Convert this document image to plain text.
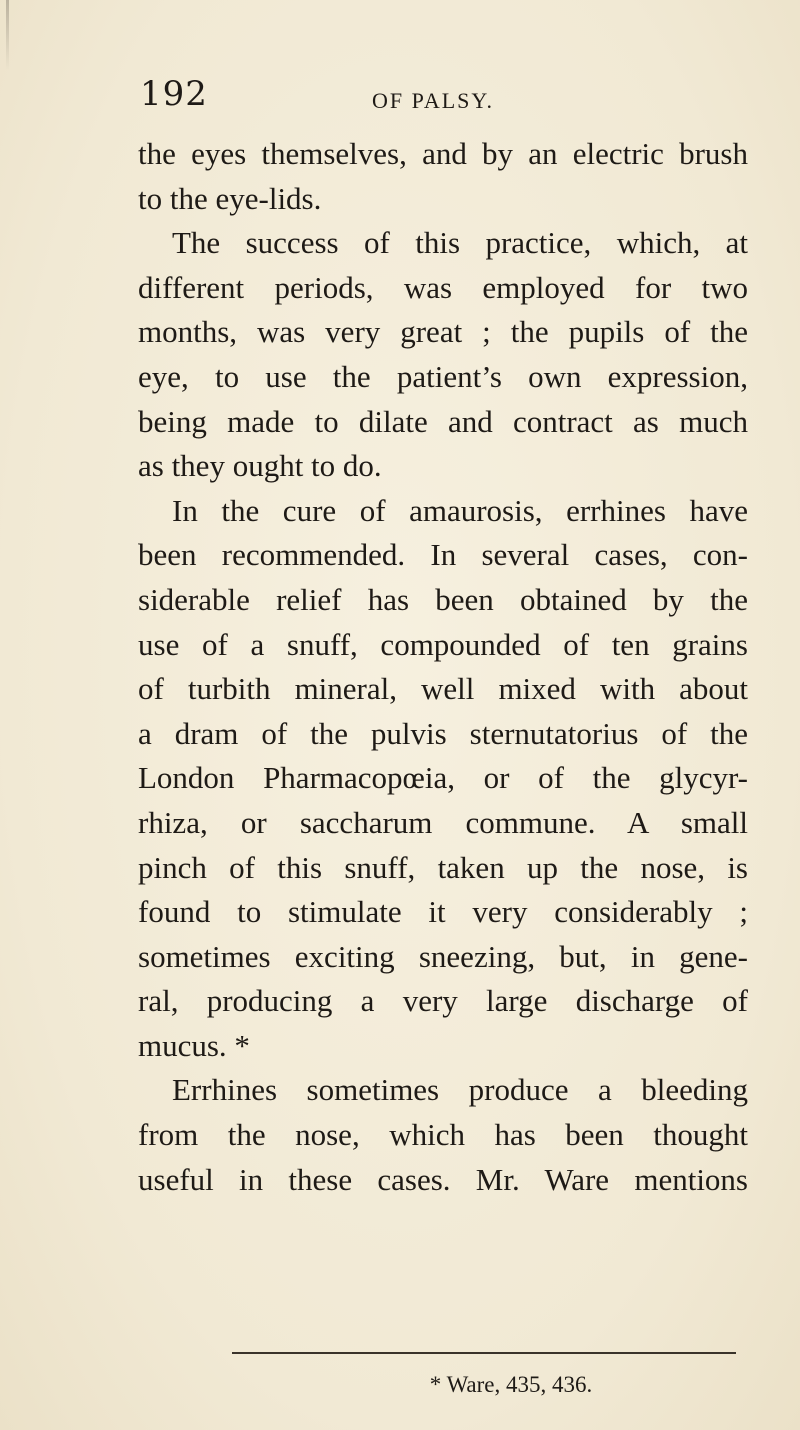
192	OF PALSY.
the eyes themselves, and by an electric brush
to the eye-lids.
The success of this practice, which, at
different periods, was employed for two
months, was very great ; the pupils of the
eye, to use the patient’s own expression,
being made to dilate and contract as much
as they ought to do.
In the cure of amaurosis, errhines have
been recommended. In several cases, con-
siderable relief has been obtained by the
use of a snuff, compounded of ten grains
of turbith mineral, well mixed with about
a dram of the pulvis sternutatorius of the
London Pharmacopœia, or of the glycyr-
rhiza, or saccharum commune. A small
pinch of this snuff, taken up the nose, is
found to stimulate it very considerably ;
sometimes exciting sneezing, but, in gene-
ral, producing a very large discharge of
mucus. *
Errhines sometimes produce a bleeding
from the nose, which has been thought
useful in these cases. Mr. Ware mentions
* Ware, 435, 436.
